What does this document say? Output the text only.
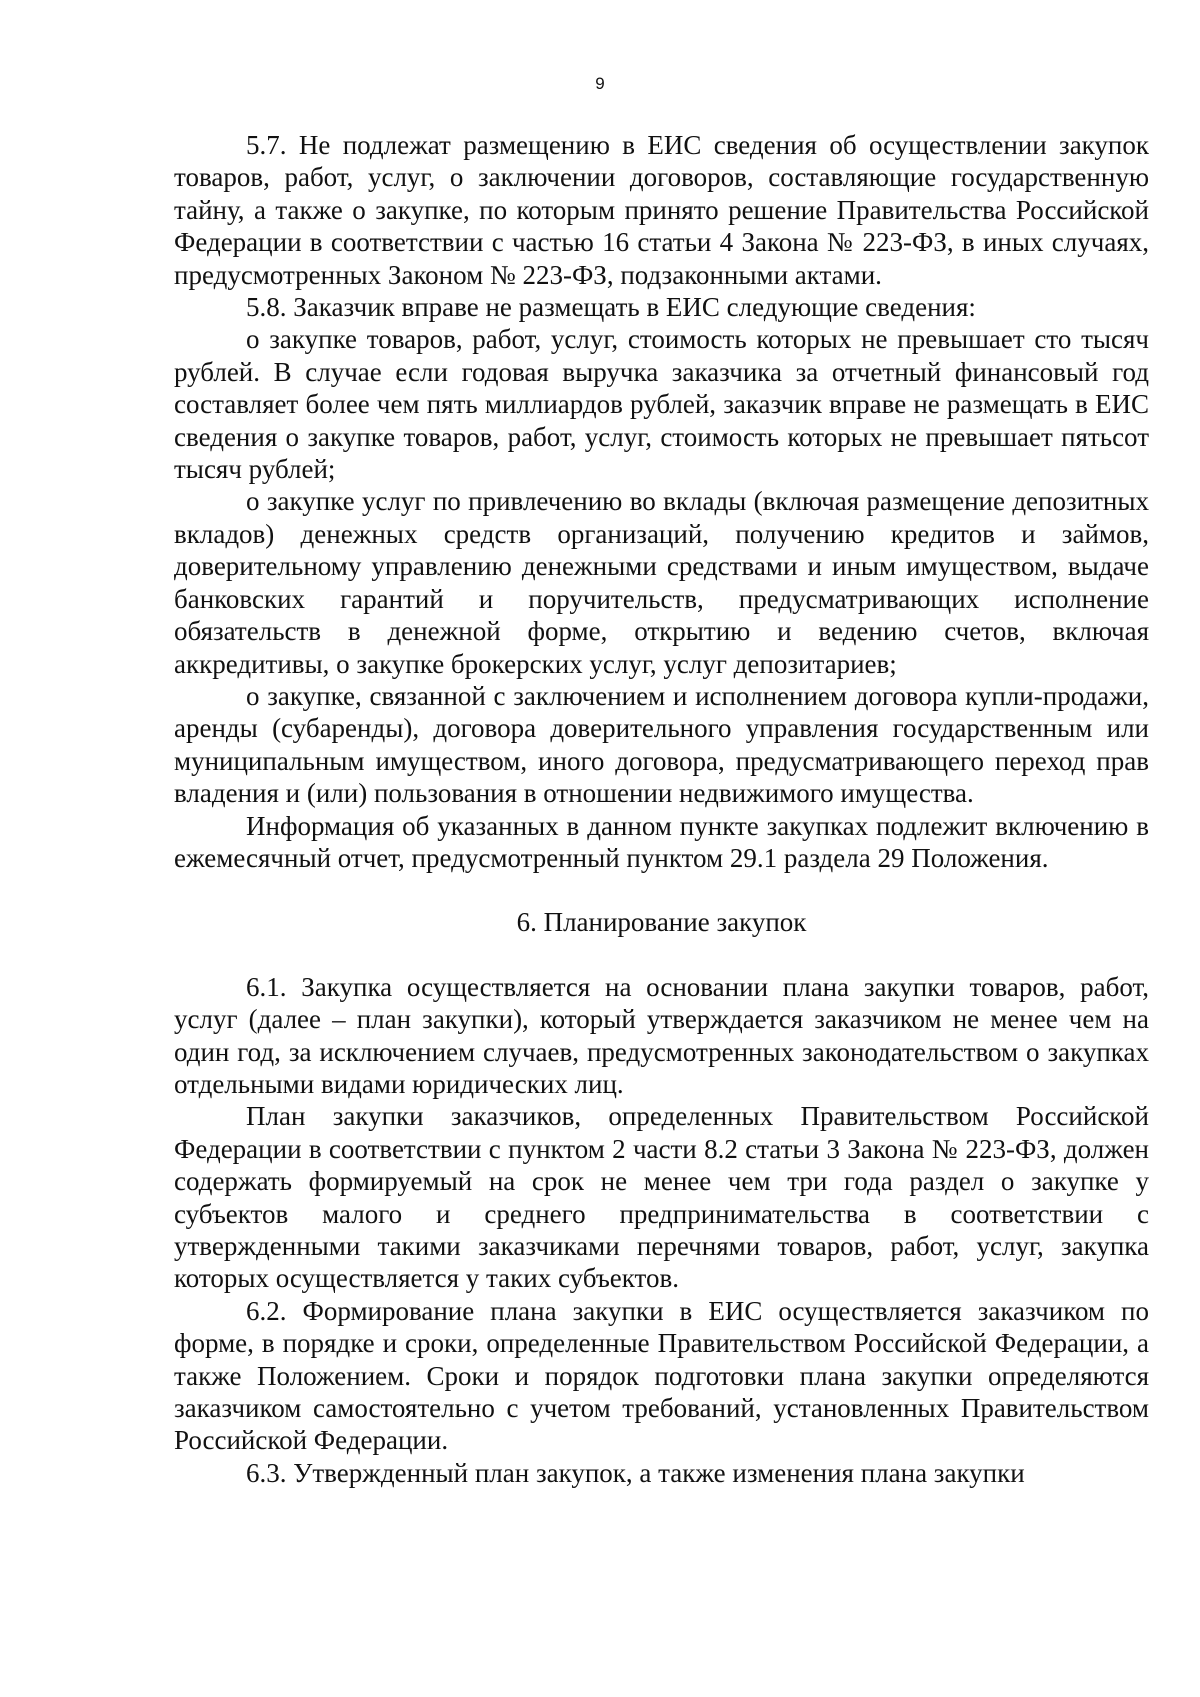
9

5.7. Не подлежат размещению в ЕИС сведения об осуществлении закупок товаров, работ, услуг, о заключении договоров, составляющие государственную тайну, а также о закупке, по которым принято решение Правительства Российской Федерации в соответствии с частью 16 статьи 4 Закона № 223-ФЗ, в иных случаях, предусмотренных Законом № 223-ФЗ, подзаконными актами.

5.8. Заказчик вправе не размещать в ЕИС следующие сведения:

о закупке товаров, работ, услуг, стоимость которых не превышает сто тысяч рублей. В случае если годовая выручка заказчика за отчетный финансовый год составляет более чем пять миллиардов рублей, заказчик вправе не размещать в ЕИС сведения о закупке товаров, работ, услуг, стоимость которых не превышает пятьсот тысяч рублей;

о закупке услуг по привлечению во вклады (включая размещение депозитных вкладов) денежных средств организаций, получению кредитов и займов, доверительному управлению денежными средствами и иным имуществом, выдаче банковских гарантий и поручительств, предусматривающих исполнение обязательств в денежной форме, открытию и ведению счетов, включая аккредитивы, о закупке брокерских услуг, услуг депозитариев;

о закупке, связанной с заключением и исполнением договора купли-продажи, аренды (субаренды), договора доверительного управления государственным или муниципальным имуществом, иного договора, предусматривающего переход прав владения и (или) пользования в отношении недвижимого имущества.

Информация об указанных в данном пункте закупках подлежит включению в ежемесячный отчет, предусмотренный пунктом 29.1 раздела 29 Положения.

6. Планирование закупок

6.1. Закупка осуществляется на основании плана закупки товаров, работ, услуг (далее – план закупки), который утверждается заказчиком не менее чем на один год, за исключением случаев, предусмотренных законодательством о закупках отдельными видами юридических лиц.

План закупки заказчиков, определенных Правительством Российской Федерации в соответствии с пунктом 2 части 8.2 статьи 3 Закона № 223-ФЗ, должен содержать формируемый на срок не менее чем три года раздел о закупке у субъектов малого и среднего предпринимательства в соответствии с утвержденными такими заказчиками перечнями товаров, работ, услуг, закупка которых осуществляется у таких субъектов.

6.2. Формирование плана закупки в ЕИС осуществляется заказчиком по форме, в порядке и сроки, определенные Правительством Российской Федерации, а также Положением. Сроки и порядок подготовки плана закупки определяются заказчиком самостоятельно с учетом требований, установленных Правительством Российской Федерации.

6.3. Утвержденный план закупок, а также изменения плана закупки
